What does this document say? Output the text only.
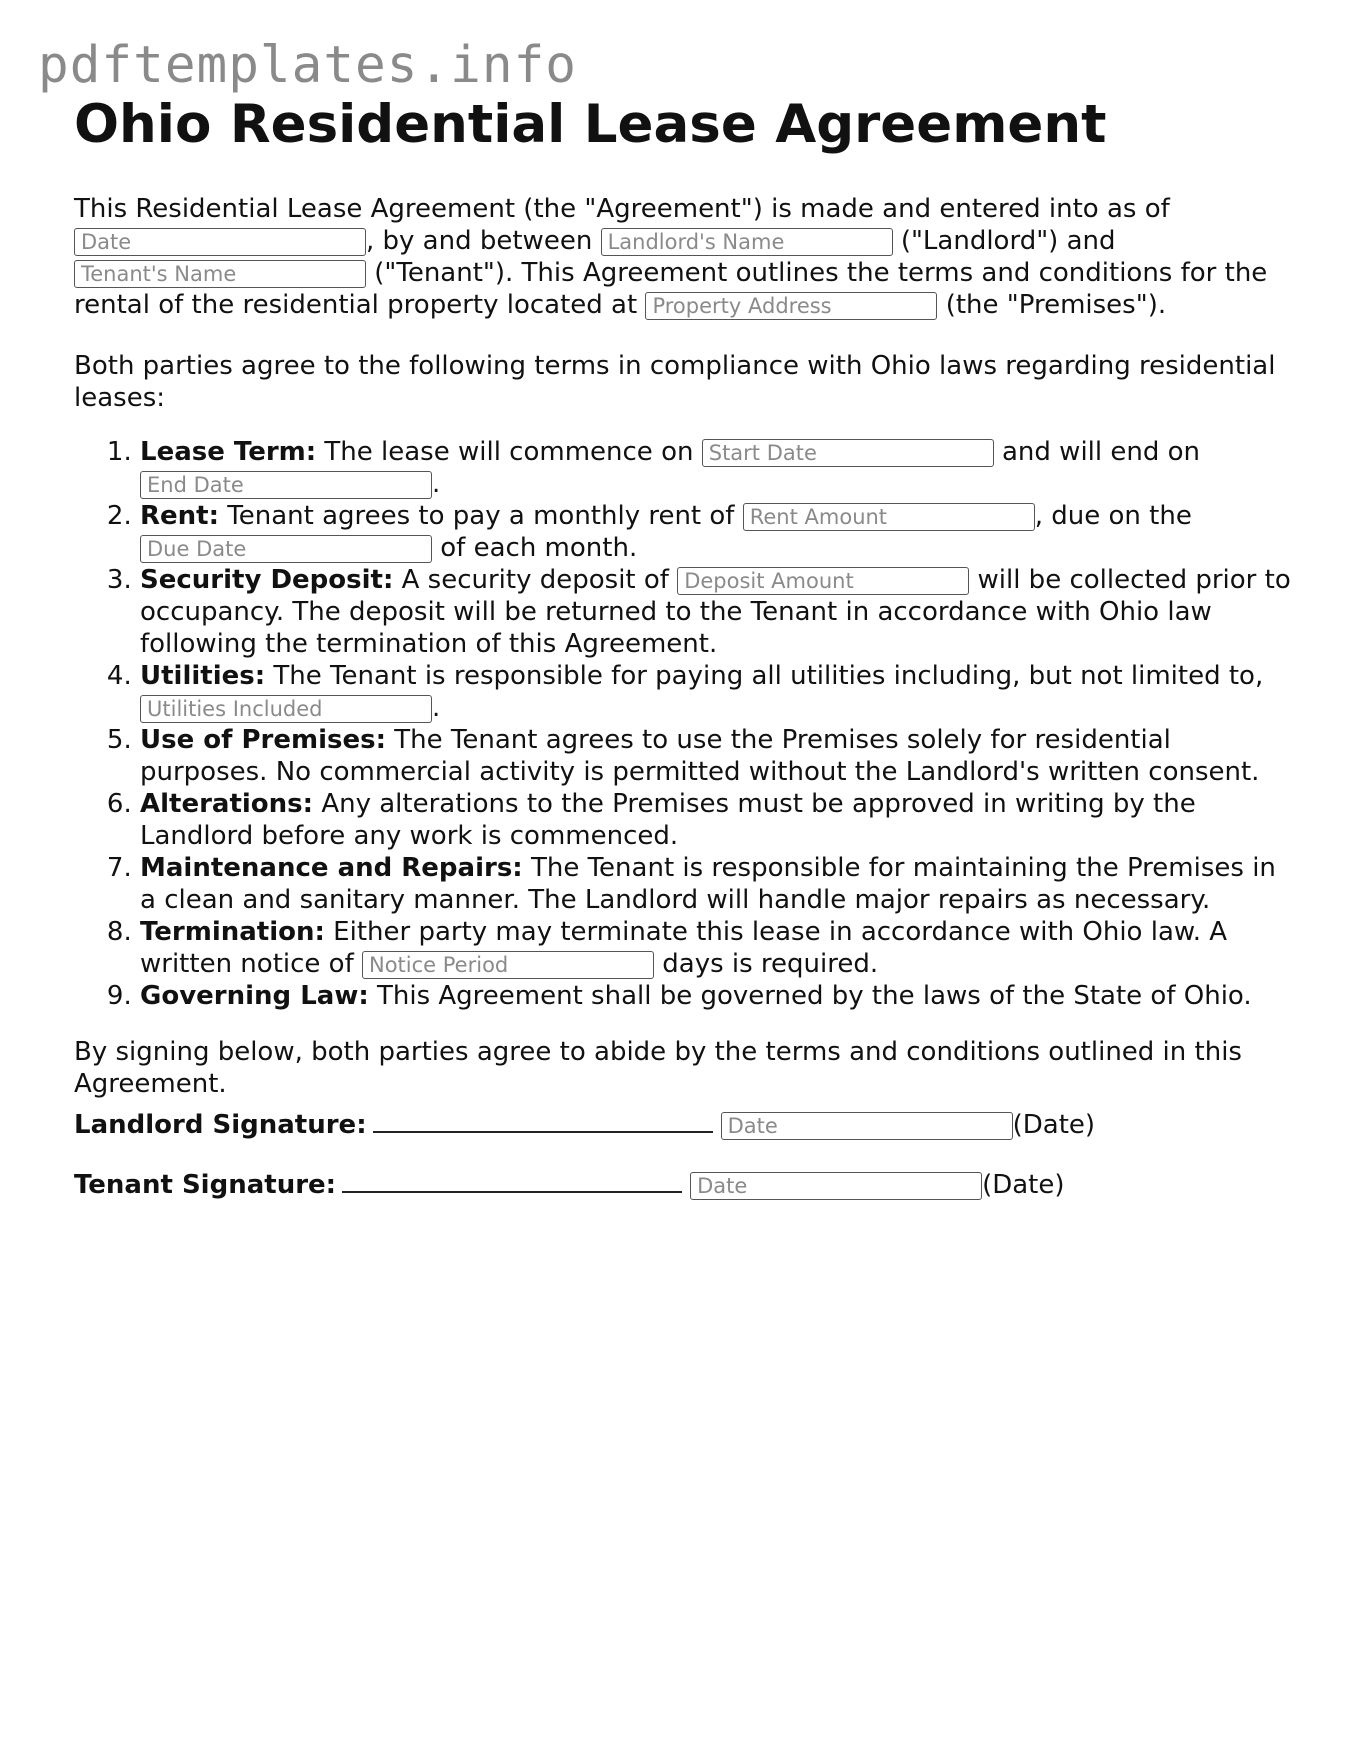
pdftemplates.info
Ohio Residential Lease Agreement

This Residential Lease Agreement (the "Agreement") is made and entered into as of
Date, by and between Landlord's Name	("Landlord") and
Tenant's Name ("Tenant"). This Agreement outlines the terms and conditions for the rental of the residential property located at Property Address	(the "Premises").

Both parties agree to the following terms in compliance with Ohio laws regarding residential leases:

1. Lease Term: The lease will commence on Start Date	and will end on End Date.
2. Rent: Tenant agrees to pay a monthly rent of Rent Amount	, due on the Due Date of each month.
3. Security Deposit: A security deposit of Deposit Amount	will be collected prior to occupancy. The deposit will be returned to the Tenant in accordance with Ohio law following the termination of this Agreement.
4. Utilities: The Tenant is responsible for paying all utilities including, but not limited to, Utilities Included.
5. Use of Premises: The Tenant agrees to use the Premises solely for residential purposes. No commercial activity is permitted without the Landlord's written consent.
6. Alterations: Any alterations to the Premises must be approved in writing by the Landlord before any work is commenced.
7. Maintenance and Repairs: The Tenant is responsible for maintaining the Premises in a clean and sanitary manner. The Landlord will handle major repairs as necessary.
8. Termination: Either party may terminate this lease in accordance with Ohio law. A written notice of Notice Period	days is required.
9. Governing Law: This Agreement shall be governed by the laws of the State of Ohio.

By signing below, both parties agree to abide by the terms and conditions outlined in this Agreement.

Landlord Signature:Date	(Date)
Tenant Signature:Date	(Date)
